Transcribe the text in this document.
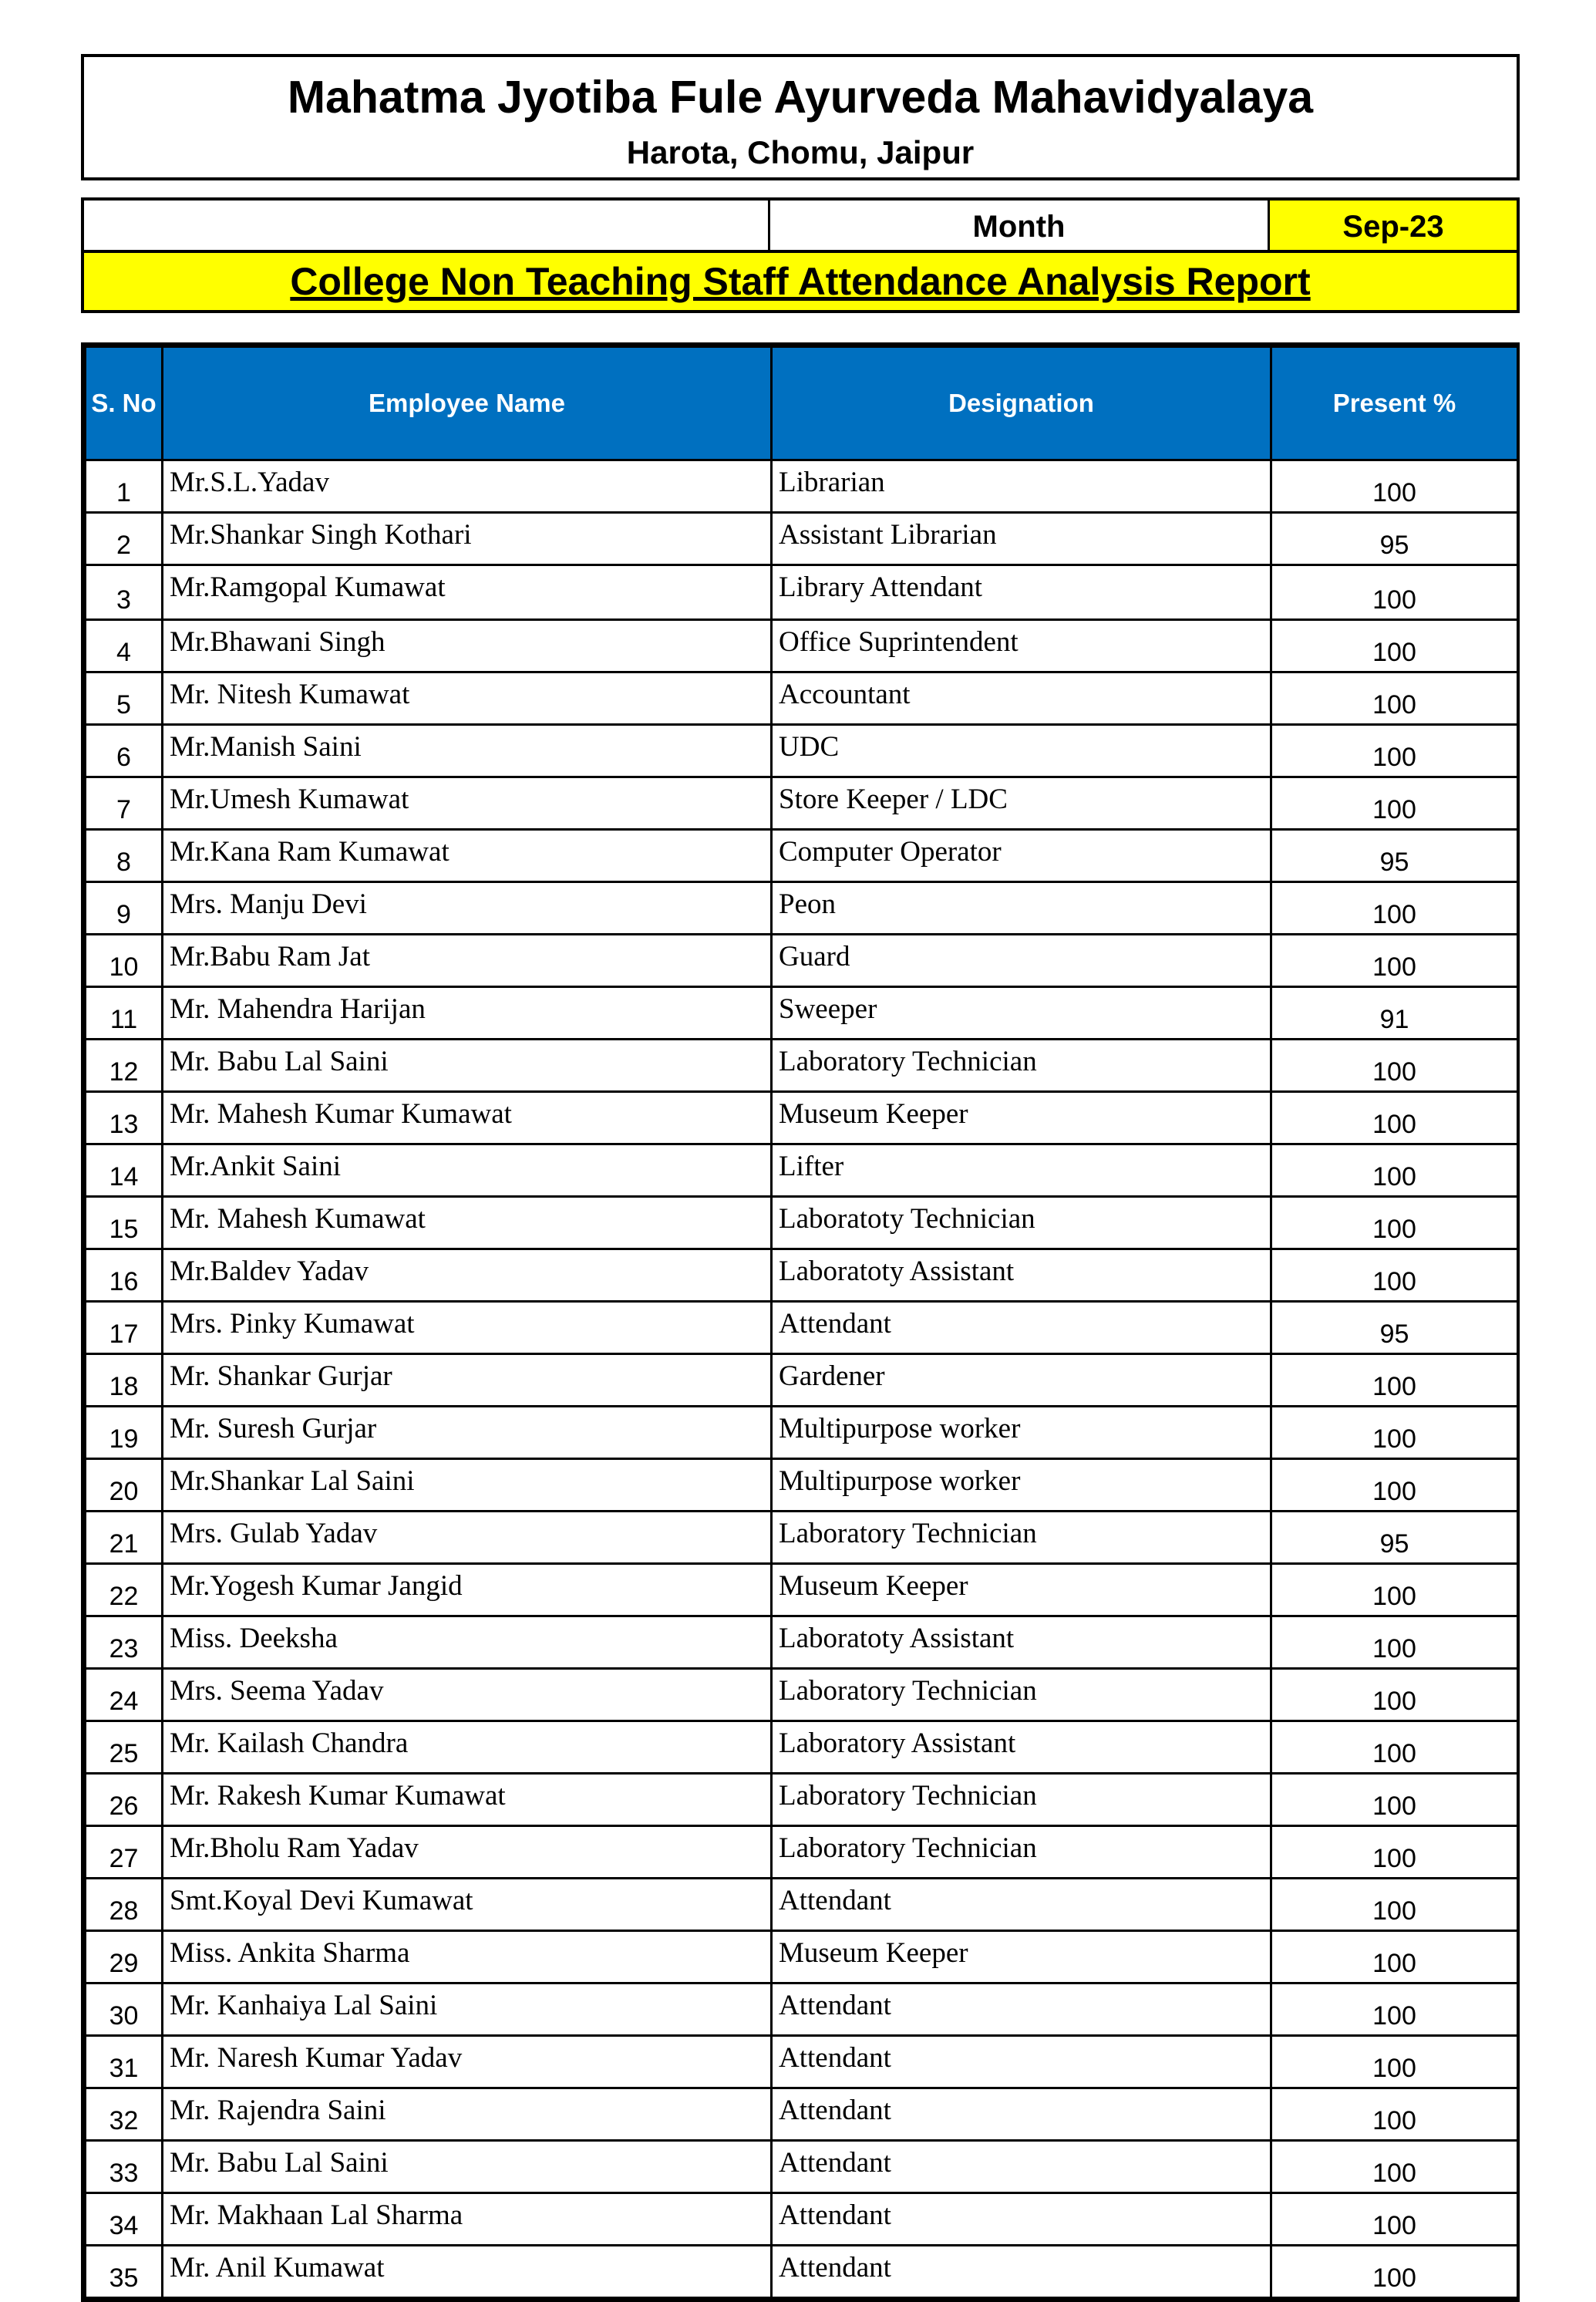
Mahatma Jyotiba Fule Ayurveda Mahavidyalaya
Harota, Chomu, Jaipur
Month	Sep-23
College Non Teaching Staff Attendance Analysis Report
S. No	Employee Name	Designation	Present %
1	Mr.S.L.Yadav	Librarian	100
2	Mr.Shankar Singh Kothari	Assistant Librarian	95
3	Mr.Ramgopal Kumawat	Library Attendant	100
4	Mr.Bhawani Singh	Office Suprintendent	100
5	Mr. Nitesh Kumawat	Accountant	100
6	Mr.Manish Saini	UDC	100
7	Mr.Umesh Kumawat	Store Keeper / LDC	100
8	Mr.Kana Ram Kumawat	Computer Operator	95
9	Mrs. Manju Devi	Peon	100
10	Mr.Babu Ram Jat	Guard	100
11	Mr. Mahendra Harijan	Sweeper	91
12	Mr. Babu Lal Saini	Laboratory Technician	100
13	Mr. Mahesh Kumar Kumawat	Museum Keeper	100
14	Mr.Ankit Saini	Lifter	100
15	Mr. Mahesh Kumawat	Laboratoty Technician	100
16	Mr.Baldev Yadav	Laboratoty Assistant	100
17	Mrs. Pinky Kumawat	Attendant	95
18	Mr. Shankar Gurjar	Gardener	100
19	Mr. Suresh Gurjar	Multipurpose worker	100
20	Mr.Shankar Lal Saini	Multipurpose worker	100
21	Mrs. Gulab Yadav	Laboratory Technician	95
22	Mr.Yogesh Kumar Jangid	Museum Keeper	100
23	Miss. Deeksha	Laboratoty Assistant	100
24	Mrs. Seema Yadav	Laboratory Technician	100
25	Mr. Kailash Chandra	Laboratory Assistant	100
26	Mr. Rakesh Kumar Kumawat	Laboratory Technician	100
27	Mr.Bholu Ram Yadav	Laboratory Technician	100
28	Smt.Koyal Devi Kumawat	Attendant	100
29	Miss. Ankita Sharma	Museum Keeper	100
30	Mr. Kanhaiya Lal Saini	Attendant	100
31	Mr. Naresh Kumar Yadav	Attendant	100
32	Mr. Rajendra Saini	Attendant	100
33	Mr. Babu Lal Saini	Attendant	100
34	Mr. Makhaan Lal Sharma	Attendant	100
35	Mr. Anil Kumawat	Attendant	100
